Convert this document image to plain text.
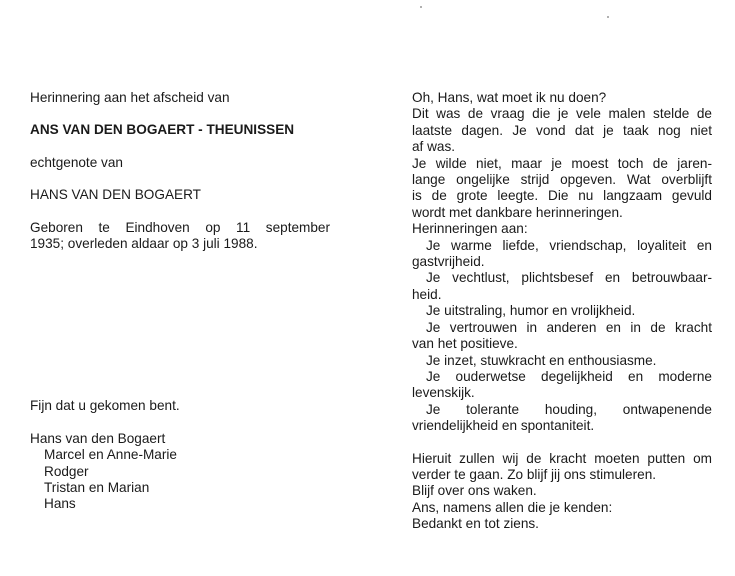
Herinnering aan het afscheid van
ANS VAN DEN BOGAERT - THEUNISSEN
echtgenote van
HANS VAN DEN BOGAERT
Geboren te Eindhoven op 11 september
1935; overleden aldaar op 3 juli 1988.
Fijn dat u gekomen bent.
Hans van den Bogaert
Marcel en Anne-Marie
Rodger
Tristan en Marian
Hans
Oh, Hans, wat moet ik nu doen?
Dit was de vraag die je vele malen stelde de
laatste dagen. Je vond dat je taak nog niet
af was.
Je wilde niet, maar je moest toch de jaren-
lange ongelijke strijd opgeven. Wat overblijft
is de grote leegte. Die nu langzaam gevuld
wordt met dankbare herinneringen.
Herinneringen aan:
Je warme liefde, vriendschap, loyaliteit en
gastvrijheid.
Je vechtlust, plichtsbesef en betrouwbaar-
heid.
Je uitstraling, humor en vrolijkheid.
Je vertrouwen in anderen en in de kracht
van het positieve.
Je inzet, stuwkracht en enthousiasme.
Je ouderwetse degelijkheid en moderne
levenskijk.
Je tolerante houding, ontwapenende
vriendelijkheid en spontaniteit.
Hieruit zullen wij de kracht moeten putten om
verder te gaan. Zo blijf jij ons stimuleren.
Blijf over ons waken.
Ans, namens allen die je kenden:
Bedankt en tot ziens.
